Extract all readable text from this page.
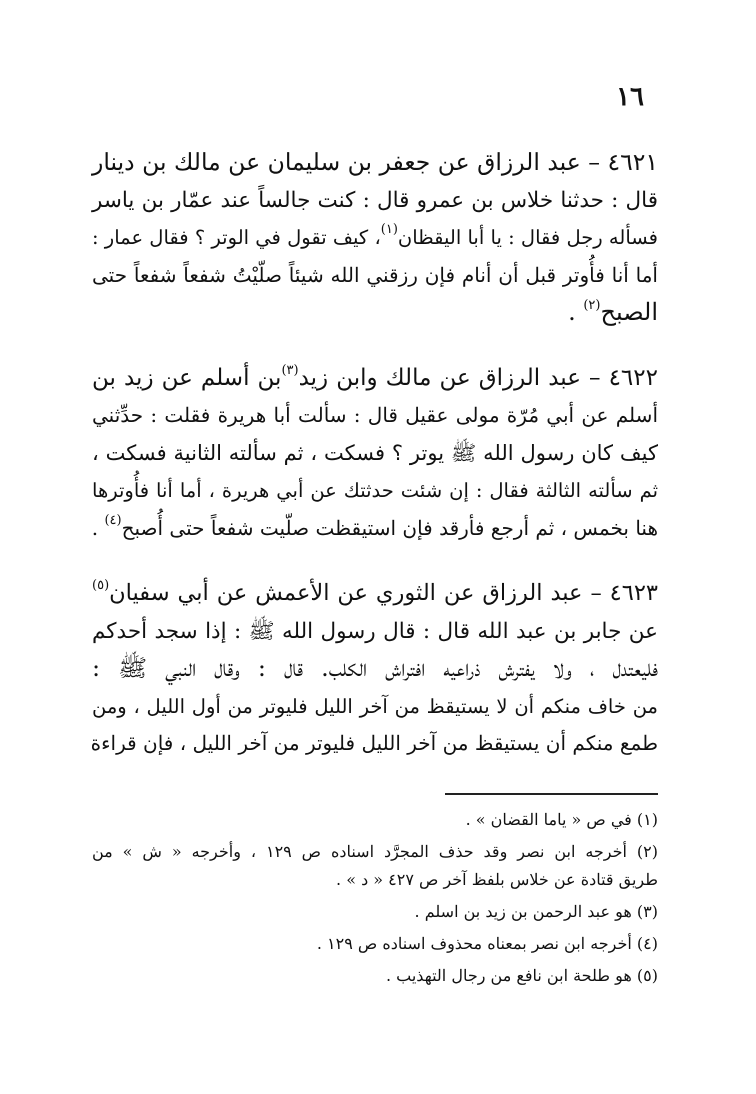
١٦
٤٦٢١ – عبد الرزاق عن جعفر بن سليمان عن مالك بن دينار
قال : حدثنا خلاس بن عمرو قال : كنت جالساً عند عمّار بن ياسر
فسأله رجل فقال : يا أبا اليقظان$^{(١)}$، كيف تقول في الوتر ؟ فقال عمار :
أما أنا فأُوتر قبل أن أنام فإن رزقني الله شيئاً صلّيْتُ شفعاً شفعاً حتى
الصبح$^{(٢)}$ .
٤٦٢٢ – عبد الرزاق عن مالك وابن زيد$^{(٣)}$بن أسلم عن زيد بن
أسلم عن أبي مُرّة مولى عقيل قال : سألت أبا هريرة فقلت : حدِّثني
كيف كان رسول الله ﷺ يوتر ؟ فسكت ، ثم سألته الثانية فسكت ،
ثم سألته الثالثة فقال : إن شئت حدثتك عن أبي هريرة ، أما أنا فأُوترها
هنا بخمس ، ثم أرجع فأرقد فإن استيقظت صلّيت شفعاً حتى أُصبح$^{(٤)}$ .
٤٦٢٣ – عبد الرزاق عن الثوري عن الأعمش عن أبي سفيان$^{(٥)}$
عن جابر بن عبد الله قال : قال رسول الله ﷺ : إذا سجد أحدكم
فليعتدل ، ولا يفترش ذراعيه افتراش الكلب. قال : وقال النبي ﷺ :
من خاف منكم أن لا يستيقظ من آخر الليل فليوتر من أول الليل ، ومن
طمع منكم أن يستيقظ من آخر الليل فليوتر من آخر الليل ، فإن قراءة
(١) في ص « ياما القضان » .
(٢) أخرجه ابن نصر وقد حذف المجرَّد اسناده ص ١٢٩ ، وأخرجه « ش » من
طريق قتادة عن خلاس بلفظ آخر ص ٤٢٧ « د » .
(٣) هو عبد الرحمن بن زيد بن اسلم .
(٤) أخرجه ابن نصر بمعناه محذوف اسناده ص ١٢٩ .
(٥) هو طلحة ابن نافع من رجال التهذيب .
